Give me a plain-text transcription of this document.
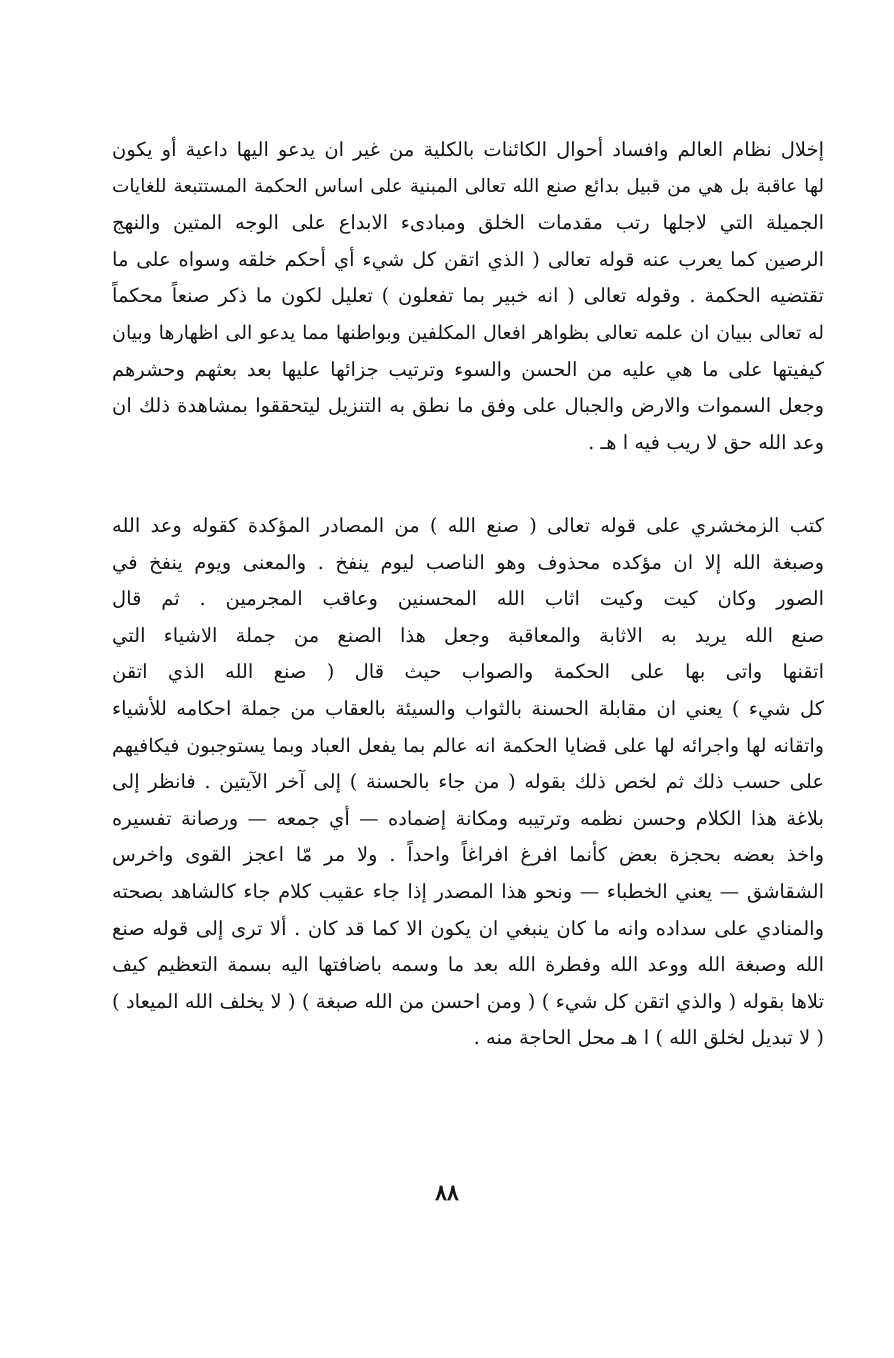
إخلال نظام العالم وافساد أحوال الكائنات بالكلية من غير ان يدعو اليها داعية أو يكون
لها عاقبة بل هي من قبيل بدائع صنع الله تعالى المبنية على اساس الحكمة المستتبعة للغايات
الجميلة التي لاجلها رتب مقدمات الخلق ومبادىء الابداع على الوجه المتين والنهج
الرصين كما يعرب عنه قوله تعالى ( الذي اتقن كل شيء أي أحكم خلقه وسواه على ما
تقتضيه الحكمة . وقوله تعالى ( انه خبير بما تفعلون ) تعليل لكون ما ذكر صنعاً محكماً
له تعالى ببيان ان علمه تعالى بظواهر افعال المكلفين وبواطنها مما يدعو الى اظهارها وبيان
كيفيتها على ما هي عليه من الحسن والسوء وترتيب جزائها عليها بعد بعثهم وحشرهم
وجعل السموات والارض والجبال على وفق ما نطق به التنزيل ليتحققوا بمشاهدة ذلك ان
وعد الله حق لا ريب فيه ا هـ .
كتب الزمخشري على قوله تعالى ( صنع الله ) من المصادر المؤكدة كقوله وعد الله
وصبغة الله إلا ان مؤكده محذوف وهو الناصب ليوم ينفخ . والمعنى ويوم ينفخ في
الصور وكان كيت وكيت اثاب الله المحسنين وعاقب المجرمين . ثم قال
صنع الله يريد به الاثابة والمعاقبة وجعل هذا الصنع من جملة الاشياء التي
اتقنها واتى بها على الحكمة والصواب حيث قال ( صنع الله الذي اتقن
كل شيء ) يعني ان مقابلة الحسنة بالثواب والسيئة بالعقاب من جملة احكامه للأشياء
واتقانه لها واجرائه لها على قضايا الحكمة انه عالم بما يفعل العباد وبما يستوجبون فيكافيهم
على حسب ذلك ثم لخص ذلك بقوله ( من جاء بالحسنة ) إلى آخر الآيتين . فانظر إلى
بلاغة هذا الكلام وحسن نظمه وترتيبه ومكانة إضماده — أي جمعه — ورصانة تفسيره
واخذ بعضه بحجزة بعض كأنما افرغ افراغاً واحداً . ولا مر مّا اعجز القوى واخرس
الشقاشق — يعني الخطباء — ونحو هذا المصدر إذا جاء عقيب كلام جاء كالشاهد بصحته
والمنادي على سداده وانه ما كان ينبغي ان يكون الا كما قد كان . ألا ترى إلى قوله صنع
الله وصبغة الله ووعد الله وفطرة الله بعد ما وسمه باضافتها اليه بسمة التعظيم كيف
تلاها بقوله ( والذي اتقن كل شيء ) ( ومن احسن من الله صبغة ) ( لا يخلف الله الميعاد )
( لا تبديل لخلق الله ) ا هـ محل الحاجة منه .
٨٨
